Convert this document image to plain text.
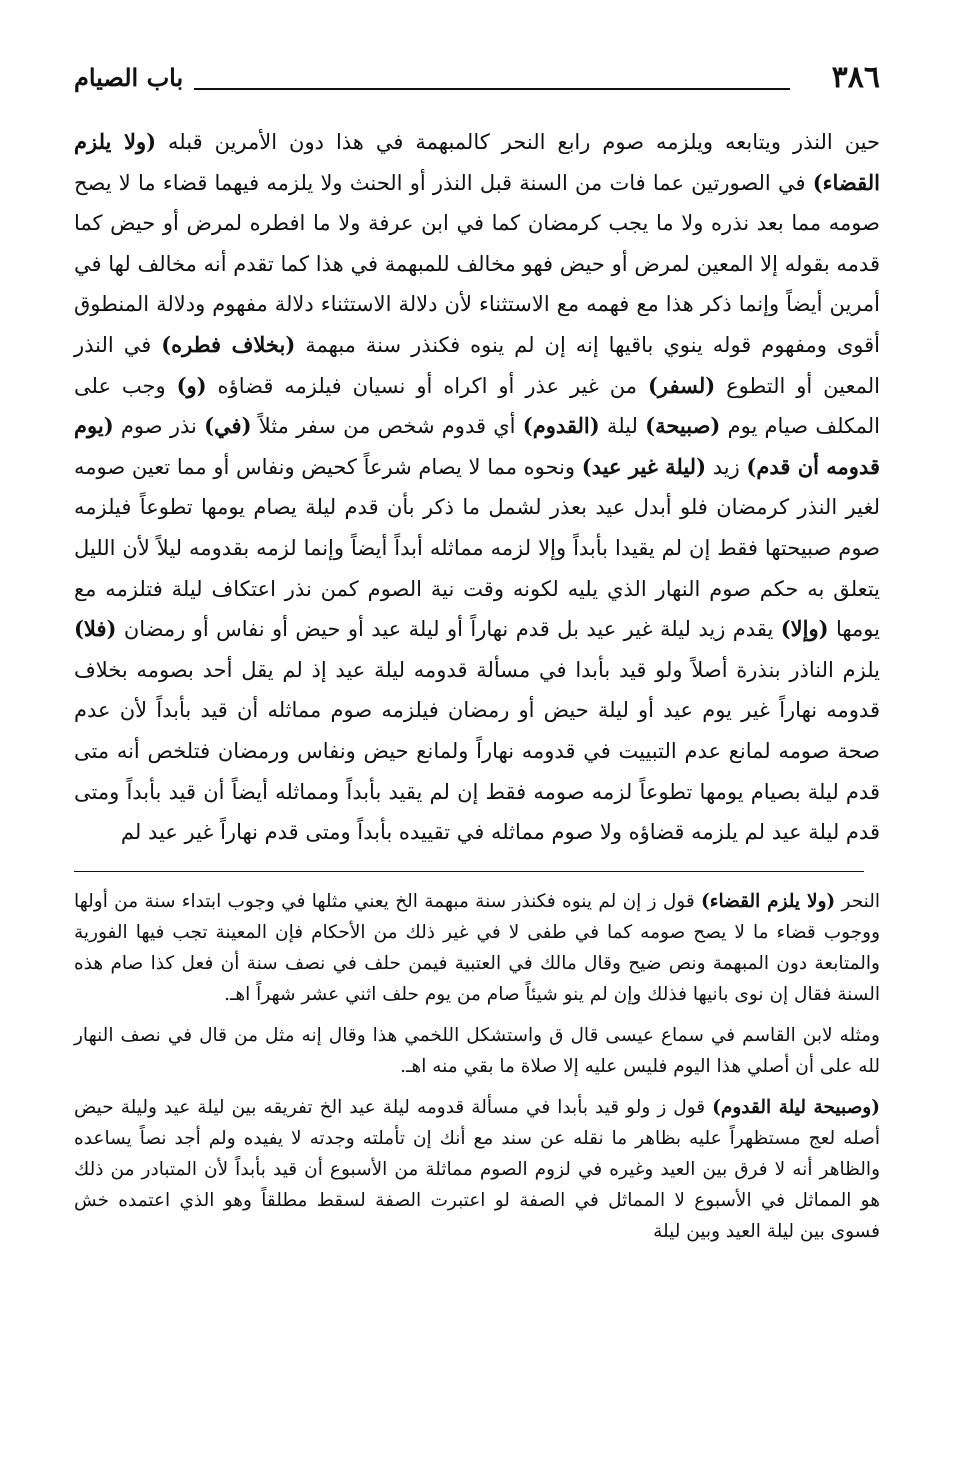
٣٨٦
باب الصيام
حين النذر ويتابعه ويلزمه صوم رابع النحر كالمبهمة في هذا دون الأمرين قبله (ولا يلزم القضاء) في الصورتين عما فات من السنة قبل النذر أو الحنث ولا يلزمه فيهما قضاء ما لا يصح صومه مما بعد نذره ولا ما يجب كرمضان كما في ابن عرفة ولا ما افطره لمرض أو حيض كما قدمه بقوله إلا المعين لمرض أو حيض فهو مخالف للمبهمة في هذا كما تقدم أنه مخالف لها في أمرين أيضاً وإنما ذكر هذا مع فهمه مع الاستثناء لأن دلالة الاستثناء دلالة مفهوم ودلالة المنطوق أقوى ومفهوم قوله ينوي باقيها إنه إن لم ينوه فكنذر سنة مبهمة (بخلاف فطره) في النذر المعين أو التطوع (لسفر) من غير عذر أو اكراه أو نسيان فيلزمه قضاؤه (و) وجب على المكلف صيام يوم (صبيحة) ليلة (القدوم) أي قدوم شخص من سفر مثلاً (في) نذر صوم (يوم قدومه أن قدم) زيد (ليلة غير عيد) ونحوه مما لا يصام شرعاً كحيض ونفاس أو مما تعين صومه لغير النذر كرمضان فلو أبدل عيد بعذر لشمل ما ذكر بأن قدم ليلة يصام يومها تطوعاً فيلزمه صوم صبيحتها فقط إن لم يقيدا بأبداً وإلا لزمه مماثله أبداً أيضاً وإنما لزمه بقدومه ليلاً لأن الليل يتعلق به حكم صوم النهار الذي يليه لكونه وقت نية الصوم كمن نذر اعتكاف ليلة فتلزمه مع يومها (وإلا) يقدم زيد ليلة غير عيد بل قدم نهاراً أو ليلة عيد أو حيض أو نفاس أو رمضان (فلا) يلزم الناذر بنذرة أصلاً ولو قيد بأبدا في مسألة قدومه ليلة عيد إذ لم يقل أحد بصومه بخلاف قدومه نهاراً غير يوم عيد أو ليلة حيض أو رمضان فيلزمه صوم مماثله أن قيد بأبداً لأن عدم صحة صومه لمانع عدم التبييت في قدومه نهاراً ولمانع حيض ونفاس ورمضان فتلخص أنه متى قدم ليلة بصيام يومها تطوعاً لزمه صومه فقط إن لم يقيد بأبداً ومماثله أيضاً أن قيد بأبداً ومتى قدم ليلة عيد لم يلزمه قضاؤه ولا صوم مماثله في تقييده بأبداً ومتى قدم نهاراً غير عيد لم

النحر (ولا يلزم القضاء) قول ز إن لم ينوه فكنذر سنة مبهمة الخ يعني مثلها في وجوب ابتداء سنة من أولها ووجوب قضاء ما لا يصح صومه كما في طفى لا في غير ذلك من الأحكام فإن المعينة تجب فيها الفورية والمتابعة دون المبهمة ونص ضيح وقال مالك في العتبية فيمن حلف في نصف سنة أن فعل كذا صام هذه السنة فقال إن نوى بانيها فذلك وإن لم ينو شيئاً صام من يوم حلف اثني عشر شهراً اهـ.

ومثله لابن القاسم في سماع عيسى قال ق واستشكل اللخمي هذا وقال إنه مثل من قال في نصف النهار لله على أن أصلي هذا اليوم فليس عليه إلا صلاة ما بقي منه اهـ.

(وصبيحة ليلة القدوم) قول ز ولو قيد بأبدا في مسألة قدومه ليلة عيد الخ تفريقه بين ليلة عيد وليلة حيض أصله لعج مستظهراً عليه بظاهر ما نقله عن سند مع أنك إن تأملته وجدته لا يفيده ولم أجد نصاً يساعده والظاهر أنه لا فرق بين العيد وغيره في لزوم الصوم مماثلة من الأسبوع أن قيد بأبداً لأن المتبادر من ذلك هو المماثل في الأسبوع لا المماثل في الصفة لو اعتبرت الصفة لسقط مطلقاً وهو الذي اعتمده خش فسوى بين ليلة العيد وبين ليلة
